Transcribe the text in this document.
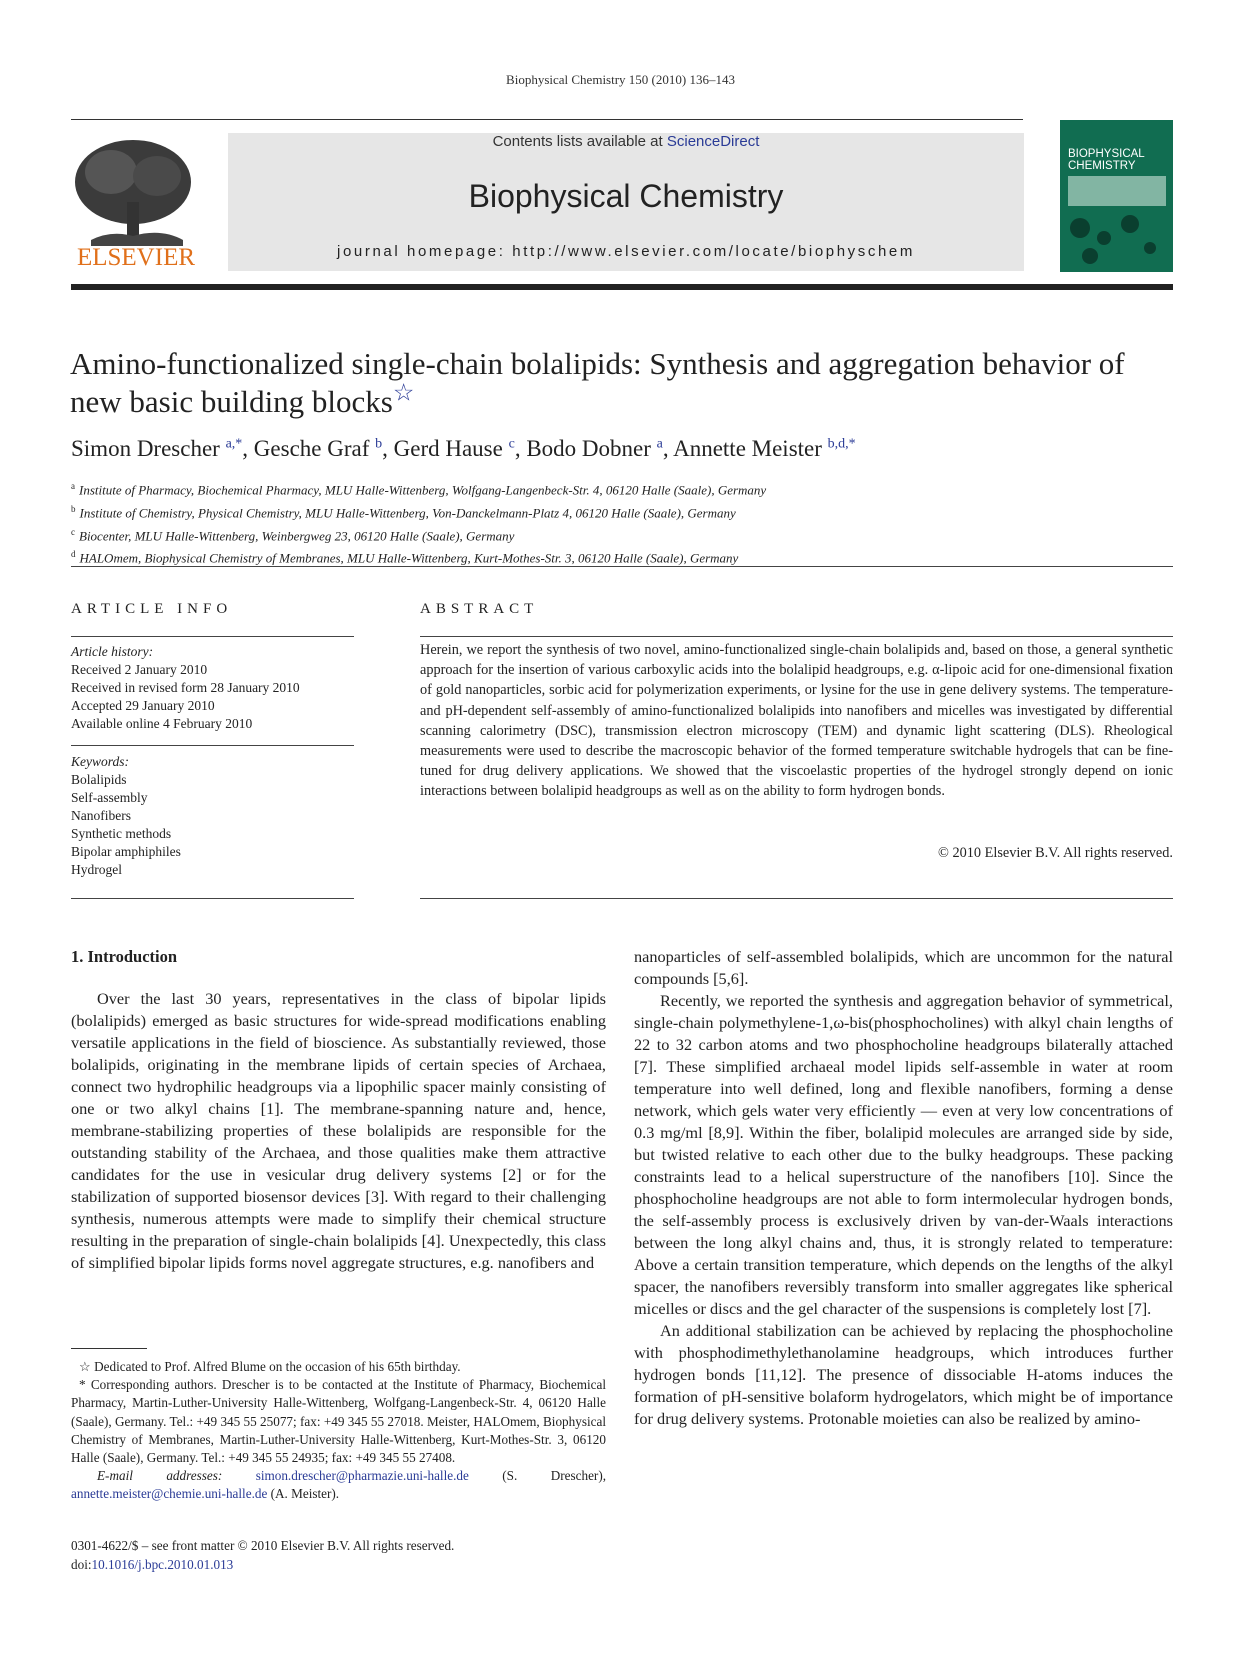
Biophysical Chemistry 150 (2010) 136–143
ELSEVIER
Contents lists available at ScienceDirect
Biophysical Chemistry
journal homepage: http://www.elsevier.com/locate/biophyschem
BIOPHYSICAL
CHEMISTRY
Amino-functionalized single-chain bolalipids: Synthesis and aggregation behavior of
new basic building blocks☆
Simon Drescher $^{a,*}$, Gesche Graf $^b$, Gerd Hause $^c$, Bodo Dobner $^a$, Annette Meister $^{b,d,*}$
$^a$ Institute of Pharmacy, Biochemical Pharmacy, MLU Halle-Wittenberg, Wolfgang-Langenbeck-Str. 4, 06120 Halle (Saale), Germany
$^b$ Institute of Chemistry, Physical Chemistry, MLU Halle-Wittenberg, Von-Danckelmann-Platz 4, 06120 Halle (Saale), Germany
$^c$ Biocenter, MLU Halle-Wittenberg, Weinbergweg 23, 06120 Halle (Saale), Germany
$^d$ HALOmem, Biophysical Chemistry of Membranes, MLU Halle-Wittenberg, Kurt-Mothes-Str. 3, 06120 Halle (Saale), Germany
ARTICLE INFO
Article history:
Received 2 January 2010
Received in revised form 28 January 2010
Accepted 29 January 2010
Available online 4 February 2010
Keywords:
Bolalipids
Self-assembly
Nanofibers
Synthetic methods
Bipolar amphiphiles
Hydrogel
ABSTRACT
Herein, we report the synthesis of two novel, amino-functionalized single-chain bolalipids and, based on those, a general synthetic approach for the insertion of various carboxylic acids into the bolalipid headgroups, e.g. α-lipoic acid for one-dimensional fixation of gold nanoparticles, sorbic acid for polymerization experiments, or lysine for the use in gene delivery systems. The temperature- and pH-dependent self-assembly of amino-functionalized bolalipids into nanofibers and micelles was investigated by differential scanning calorimetry (DSC), transmission electron microscopy (TEM) and dynamic light scattering (DLS). Rheological measurements were used to describe the macroscopic behavior of the formed temperature switchable hydrogels that can be fine-tuned for drug delivery applications. We showed that the viscoelastic properties of the hydrogel strongly depend on ionic interactions between bolalipid headgroups as well as on the ability to form hydrogen bonds.
© 2010 Elsevier B.V. All rights reserved.

1. Introduction

Over the last 30 years, representatives in the class of bipolar lipids (bolalipids) emerged as basic structures for wide-spread modifications enabling versatile applications in the field of bioscience. As substantially reviewed, those bolalipids, originating in the membrane lipids of certain species of Archaea, connect two hydrophilic headgroups via a lipophilic spacer mainly consisting of one or two alkyl chains [1]. The membrane-spanning nature and, hence, membrane-stabilizing properties of these bolalipids are responsible for the outstanding stability of the Archaea, and those qualities make them attractive candidates for the use in vesicular drug delivery systems [2] or for the stabilization of supported biosensor devices [3]. With regard to their challenging synthesis, numerous attempts were made to simplify their chemical structure resulting in the preparation of single-chain bolalipids [4]. Unexpectedly, this class of simplified bipolar lipids forms novel aggregate structures, e.g. nanofibers and

☆ Dedicated to Prof. Alfred Blume on the occasion of his 65th birthday.

* Corresponding authors. Drescher is to be contacted at the Institute of Pharmacy, Biochemical Pharmacy, Martin-Luther-University Halle-Wittenberg, Wolfgang-Langenbeck-Str. 4, 06120 Halle (Saale), Germany. Tel.: +49 345 55 25077; fax: +49 345 55 27018. Meister, HALOmem, Biophysical Chemistry of Membranes, Martin-Luther-University Halle-Wittenberg, Kurt-Mothes-Str. 3, 06120 Halle (Saale), Germany. Tel.: +49 345 55 24935; fax: +49 345 55 27408.

E-mail addresses:	simon.drescher@pharmazie.uni-halle.de (S. Drescher), annette.meister@chemie.uni-halle.de (A. Meister).

0301-4622/$ – see front matter © 2010 Elsevier B.V. All rights reserved.
doi:10.1016/j.bpc.2010.01.013

nanoparticles of self-assembled bolalipids, which are uncommon for the natural compounds [5,6].

Recently, we reported the synthesis and aggregation behavior of symmetrical, single-chain polymethylene-1,ω-bis(phosphocholines) with alkyl chain lengths of 22 to 32 carbon atoms and two phosphocholine headgroups bilaterally attached [7]. These simplified archaeal model lipids self-assemble in water at room temperature into well defined, long and flexible nanofibers, forming a dense network, which gels water very efficiently — even at very low concentrations of 0.3 mg/ml [8,9]. Within the fiber, bolalipid molecules are arranged side by side, but twisted relative to each other due to the bulky headgroups. These packing constraints lead to a helical superstructure of the nanofibers [10]. Since the phosphocholine headgroups are not able to form intermolecular hydrogen bonds, the self-assembly process is exclusively driven by van-der-Waals interactions between the long alkyl chains and, thus, it is strongly related to temperature: Above a certain transition temperature, which depends on the lengths of the alkyl spacer, the nanofibers reversibly transform into smaller aggregates like spherical micelles or discs and the gel character of the suspensions is completely lost [7].

An additional stabilization can be achieved by replacing the phosphocholine with phosphodimethylethanolamine headgroups, which introduces further hydrogen bonds [11,12]. The presence of dissociable H-atoms induces the formation of pH-sensitive bolaform hydrogelators, which might be of importance for drug delivery systems. Protonable moieties can also be realized by amino-
